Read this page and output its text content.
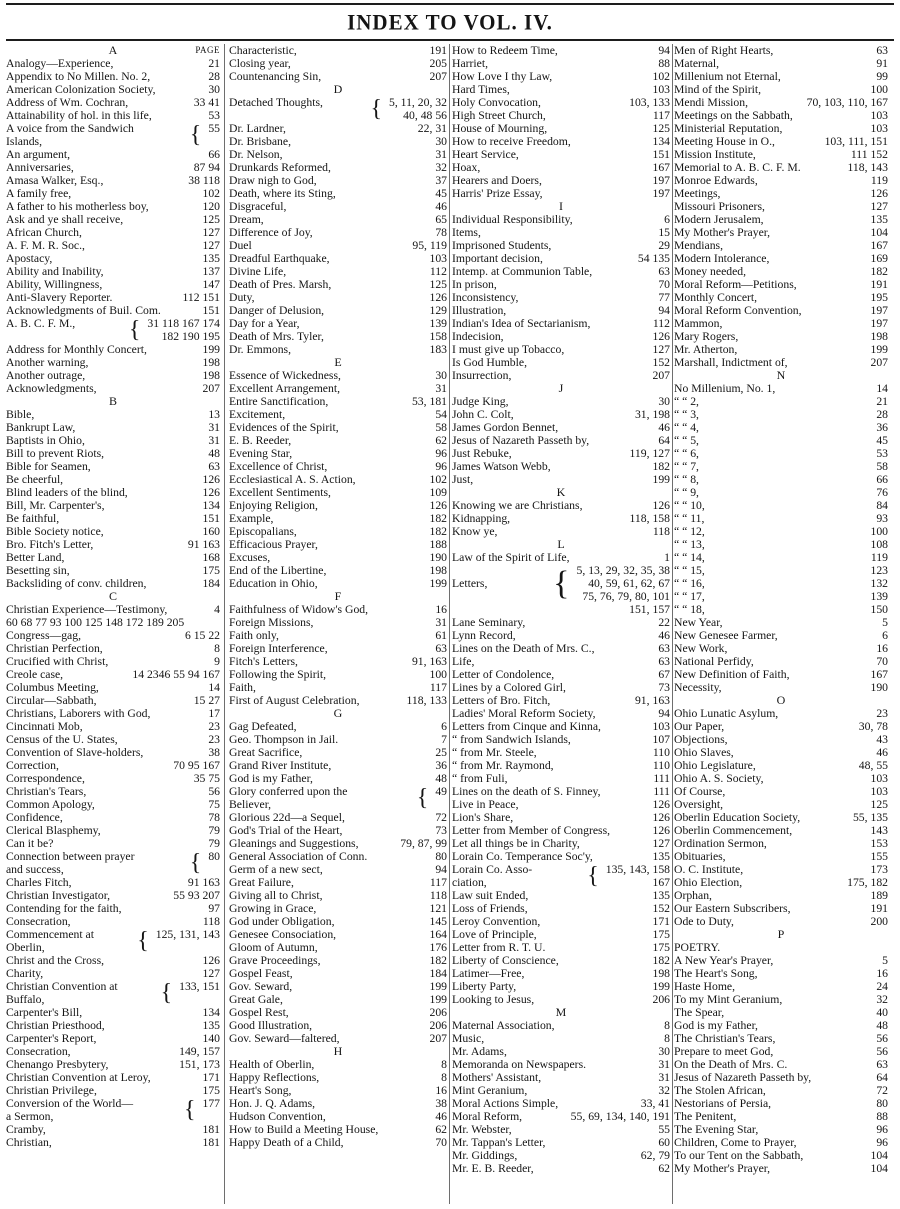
INDEX TO VOL. IV.
A	PAGE
Analogy—Experience,	21
Appendix to No Millen. No. 2,	28
American Colonization Society,	30
Address of Wm. Cochran,	33 41
Attainability of hol. in this life,	53
A voice from the Sandwich
Islands,	{ 55
An argument,	66
Anniversaries,	87 94
Amasa Walker, Esq.,	38 118
A family free,	102
A father to his motherless boy,	120
Ask and ye shall receive,	125
African Church,	127
A. F. M. R. Soc.,	127
Apostacy,	135
Ability and Inability,	137
Ability, Willingness,	147
Anti-Slavery Reporter.	112 151
Acknowledgments of Buil. Com.	151
A. B. C. F. M.,	{ 31 118 167 174
182 190 195
Address for Monthly Concert,	199
Another warning,	198
Another outrage,	198
Acknowledgments,	207
B
Bible,	13
Bankrupt Law,	31
Baptists in Ohio,	31
Bill to prevent Riots,	48
Bible for Seamen,	63
Be cheerful,	126
Blind leaders of the blind,	126
Bill, Mr. Carpenter's,	134
Be faithful,	151
Bible Society notice,	160
Bro. Fitch's Letter,	91 163
Better Land,	168
Besetting sin,	175
Backsliding of conv. children,	184
C
Christian Experience—Testimony,	4
60 68 77 93 100 125 148 172 189 205
Congress—gag,	6 15 22
Christian Perfection,	8
Crucified with Christ,	9
Creole case,	14 2346 55 94 167
Columbus Meeting,	14
Circular—Sabbath,	15 27
Christians, Laborers with God,	17
Cincinnati Mob,	23
Census of the U. States,	23
Convention of Slave-holders,	38
Correction,	70 95 167
Correspondence,	35 75
Christian's Tears,	56
Common Apology,	75
Confidence,	78
Clerical Blasphemy,	79
Can it be?	79
Connection between prayer
and success,	{ 80
Charles Fitch,	91 163
Christian Investigator,	55 93 207
Contending for the faith,	97
Consecration,	118
Commencement at
Oberlin,	{ 125, 131, 143
Christ and the Cross,	126
Charity,	127
Christian Convention at
Buffalo,	{ 133, 151
Carpenter's Bill,	134
Christian Priesthood,	135
Carpenter's Report,	140
Consecration,	149, 157
Chenango Presbytery,	151, 173
Christian Convention at Leroy,	171
Christian Privilege,	175
Conversion of the World—
a Sermon,	{ 177
Cramby,	181
Christian,	181
Characteristic,	191
Closing year,	205
Countenancing Sin,	207
D
Detached Thoughts,	{ 5, 11, 20, 32
40, 48 56
Dr. Lardner,	22, 31
Dr. Brisbane,	30
Dr. Nelson,	31
Drunkards Reformed,	32
Draw nigh to God,	37
Death, where its Sting,	45
Disgraceful,	46
Dream,	65
Difference of Joy,	78
Duel	95, 119
Dreadful Earthquake,	103
Divine Life,	112
Death of Pres. Marsh,	125
Duty,	126
Danger of Delusion,	129
Day for a Year,	139
Death of Mrs. Tyler,	158
Dr. Emmons,	183
E
Essence of Wickedness,	30
Excellent Arrangement,	31
Entire Sanctification,	53, 181
Excitement,	54
Evidences of the Spirit,	58
E. B. Reeder,	62
Evening Star,	96
Excellence of Christ,	96
Ecclesiastical A. S. Action,	102
Excellent Sentiments,	109
Enjoying Religion,	126
Example,	182
Episcopalians,	182
Efficacious Prayer,	188
Excuses,	190
End of the Libertine,	198
Education in Ohio,	199
F
Faithfulness of Widow's God,	16
Foreign Missions,	31
Faith only,	61
Foreign Interference,	63
Fitch's Letters,	91, 163
Following the Spirit,	100
Faith,	117
First of August Celebration,	118, 133
G
Gag Defeated,	6
Geo. Thompson in Jail.	7
Great Sacrifice,	25
Grand River Institute,	36
God is my Father,	48
Glory conferred upon the
Believer,	{ 49
Glorious 22d—a Sequel,	72
God's Trial of the Heart,	73
Gleanings and Suggestions,	79, 87, 99
General Association of Conn.	80
Germ of a new sect,	94
Great Failure,	117
Giving all to Christ,	118
Growing in Grace,	121
God under Obligation,	145
Genesee Consociation,	164
Gloom of Autumn,	176
Grave Proceedings,	182
Gospel Feast,	184
Gov. Seward,	199
Great Gale,	199
Gospel Rest,	206
Good Illustration,	206
Gov. Seward—faltered,	207
H
Health of Oberlin,	8
Happy Reflections,	8
Heart's Song,	16
Hon. J. Q. Adams,	38
Hudson Convention,	46
How to Build a Meeting House,	62
Happy Death of a Child,	70
How to Redeem Time,	94
Harriet,	88
How Love I thy Law,	102
Hard Times,	103
Holy Convocation,	103, 133
High Street Church,	117
House of Mourning,	125
How to receive Freedom,	134
Heart Service,	151
Hoax,	167
Hearers and Doers,	197
Harris' Prize Essay,	197
I
Individual Responsibility,	6
Items,	15
Imprisoned Students,	29
Important decision,	54 135
Intemp. at Communion Table,	63
In prison,	70
Inconsistency,	77
Illustration,	94
Indian's Idea of Sectarianism,	112
Indecision,	126
I must give up Tobacco,	127
Is God Humble,	152
Insurrection,	207
J
Judge King,	30
John C. Colt,	31, 198
James Gordon Bennet,	46
Jesus of Nazareth Passeth by,	64
Just Rebuke,	119, 127
James Watson Webb,	182
Just,	199
K
Knowing we are Christians,	126
Kidnapping,	118, 158
Know ye,	118
L
Law of the Spirit of Life,	1

Letters,	{ 5, 13, 29, 32, 35, 38
40, 59, 61, 62, 67
75, 76, 79, 80, 101
151, 157
Lane Seminary,	22
Lynn Record,	46
Lines on the Death of Mrs. C.,	63
Life,	63
Letter of Condolence,	67
Lines by a Colored Girl,	73
Letters of Bro. Fitch,	91, 163
Ladies' Moral Reform Society,	94
Letters from Cinque and Kinna,	103
“ from Sandwich Islands,	107
“ from Mr. Steele,	110
“ from Mr. Raymond,	110
“ from Fuli,	111
Lines on the death of S. Finney,	111
Live in Peace,	126
Lion's Share,	126
Letter from Member of Congress,	126
Let all things be in Charity,	127
Lorain Co. Temperance Soc'y,	135
Lorain Co. Asso-
ciation,	{ 135, 143, 158
167
Law suit Ended,	135
Loss of Friends,	152
Leroy Convention,	171
Love of Principle,	175
Letter from R. T. U.	175
Liberty of Conscience,	182
Latimer—Free,	198
Liberty Party,	199
Looking to Jesus,	206
M
Maternal Association,	8
Music,	8
Mr. Adams,	30
Memoranda on Newspapers.	31
Mothers' Assistant,	31
Mint Geranium,	32
Moral Actions Simple,	33, 41
Moral Reform,	55, 69, 134, 140, 191
Mr. Webster,	55
Mr. Tappan's Letter,	60
Mr. Giddings,	62, 79
Mr. E. B. Reeder,	62
Men of Right Hearts,	63
Maternal,	91
Millenium not Eternal,	99
Mind of the Spirit,	100
Mendi Mission,	70, 103, 110, 167
Meetings on the Sabbath,	103
Ministerial Reputation,	103
Meeting House in O.,	103, 111, 151
Mission Institute,	111 152
Memorial to A. B. C. F. M.	118, 143
Monroe Edwards,	119
Meetings,	126
Missouri Prisoners,	127
Modern Jerusalem,	135
My Mother's Prayer,	104
Mendians,	167
Modern Intolerance,	169
Money needed,	182
Moral Reform—Petitions,	191
Monthly Concert,	195
Moral Reform Convention,	197
Mammon,	197
Mary Rogers,	198
Mr. Atherton,	199
Marshall, Indictment of,	207
N
No Millenium, No. 1,	14
“ “ 2,	21
“ “ 3,	28
“ “ 4,	36
“ “ 5,	45
“ “ 6,	53
“ “ 7,	58
“ “ 8,	66
“ “ 9,	76
“ “ 10,	84
“ “ 11,	93
“ “ 12,	100
“ “ 13,	108
“ “ 14,	119
“ “ 15,	123
“ “ 16,	132
“ “ 17,	139
“ “ 18,	150
New Year,	5
New Genesee Farmer,	6
New Work,	16
National Perfidy,	70
New Definition of Faith,	167
Necessity,	190
O
Ohio Lunatic Asylum,	23
Our Paper,	30, 78
Objections,	43
Ohio Slaves,	46
Ohio Legislature,	48, 55
Ohio A. S. Society,	103
Of Course,	103
Oversight,	125
Oberlin Education Society,	55, 135
Oberlin Commencement,	143
Ordination Sermon,	153
Obituaries,	155
O. C. Institute,	173
Ohio Election,	175, 182
Orphan,	189
Our Eastern Subscribers,	191
Ode to Duty,	200
P
POETRY.
A New Year's Prayer,	5
The Heart's Song,	16
Haste Home,	24
To my Mint Geranium,	32
The Spear,	40
God is my Father,	48
The Christian's Tears,	56
Prepare to meet God,	56
On the Death of Mrs. C.	63
Jesus of Nazareth Passeth by,	64
The Stolen African,	72
Nestorians of Persia,	80
The Penitent,	88
The Evening Star,	96
Children, Come to Prayer,	96
To our Tent on the Sabbath,	104
My Mother's Prayer,	104
